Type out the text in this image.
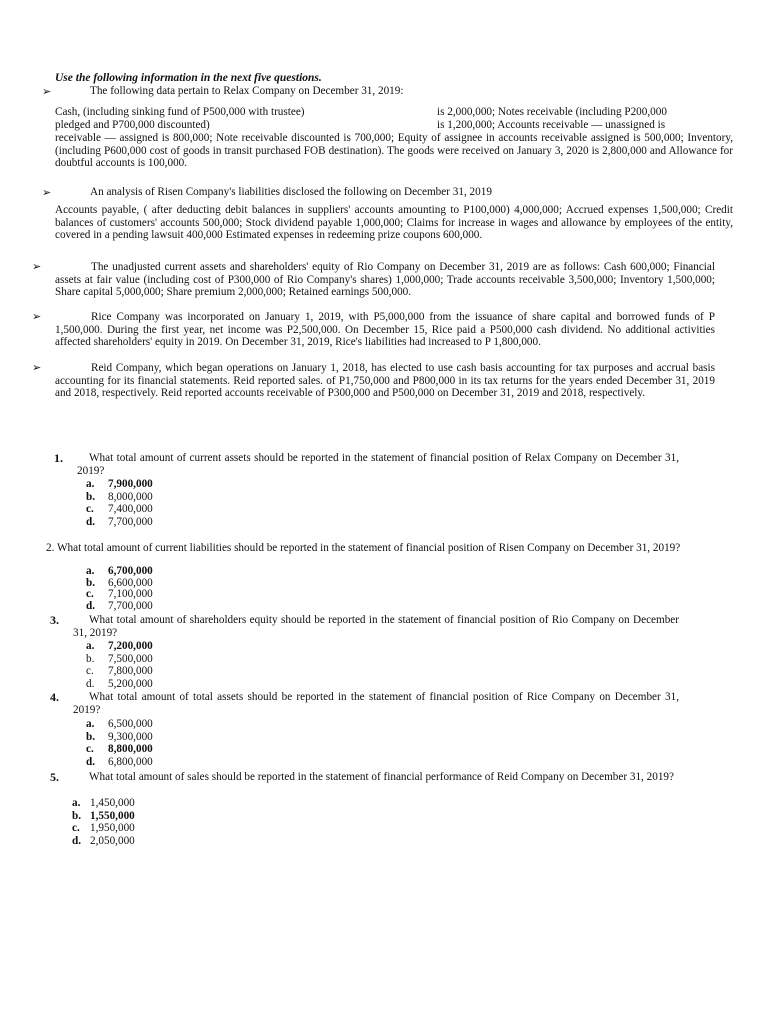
Use the following information in the next five questions.
➢	The following data pertain to Relax Company on December 31, 2019:
Cash, (including sinking fund of P500,000 with trustee)	is 2,000,000; Notes receivable (including P200,000
pledged and P700,000 discounted)	is 1,200,000; Accounts receivable — unassigned is
receivable — assigned is 800,000; Note receivable discounted is 700,000; Equity of assignee in accounts receivable assigned is 500,000; Inventory, (including P600,000 cost of goods in transit purchased FOB destination). The goods were received on January 3, 2020 is 2,800,000 and Allowance for doubtful accounts is 100,000.
➢	An analysis of Risen Company's liabilities disclosed the following on December 31, 2019
Accounts payable, ( after deducting debit balances in suppliers' accounts amounting to P100,000) 4,000,000; Accrued expenses 1,500,000; Credit balances of customers' accounts 500,000; Stock dividend payable 1,000,000; Claims for increase in wages and allowance by employees of the entity, covered in a pending lawsuit 400,000 Estimated expenses in redeeming prize coupons 600,000.
➢	The unadjusted current assets and shareholders' equity of Rio Company on December 31, 2019 are as follows: Cash 600,000; Financial assets at fair value (including cost of P300,000 of Rio Company's shares) 1,000,000; Trade accounts receivable 3,500,000; Inventory 1,500,000; Share capital 5,000,000; Share premium 2,000,000; Retained earnings 500,000.
➢	Rice Company was incorporated on January 1, 2019, with P5,000,000 from the issuance of share capital and borrowed funds of P 1,500,000. During the first year, net income was P2,500,000. On December 15, Rice paid a P500,000 cash dividend. No additional activities affected shareholders' equity in 2019. On December 31, 2019, Rice's liabilities had increased to P 1,800,000.
➢	Reid Company, which began operations on January 1, 2018, has elected to use cash basis accounting for tax purposes and accrual basis accounting for its financial statements. Reid reported sales. of P1,750,000 and P800,000 in its tax returns for the years ended December 31, 2019 and 2018, respectively. Reid reported accounts receivable of P300,000 and P500,000 on December 31, 2019 and 2018, respectively.
1.	What total amount of current assets should be reported in the statement of financial position of Relax Company on December 31, 2019?
a.	7,900,000
b.	8,000,000
c.	7,400,000
d.	7,700,000
2. What total amount of current liabilities should be reported in the statement of financial position of Risen Company on December 31, 2019?
a.	6,700,000
b.	6,600,000
c.	7,100,000
d.	7,700,000
3.	What total amount of shareholders equity should be reported in the statement of financial position of Rio Company on December 31, 2019?
a.	7,200,000
b.	7,500,000
c.	7,800,000
d.	5,200,000
4.	What total amount of total assets should be reported in the statement of financial position of Rice Company on December 31, 2019?
a.	6,500,000
b.	9,300,000
c.	8,800,000
d.	6,800,000
5.	What total amount of sales should be reported in the statement of financial performance of Reid Company on December 31, 2019?
a. 1,450,000
b. 1,550,000
c. 1,950,000
d. 2,050,000
